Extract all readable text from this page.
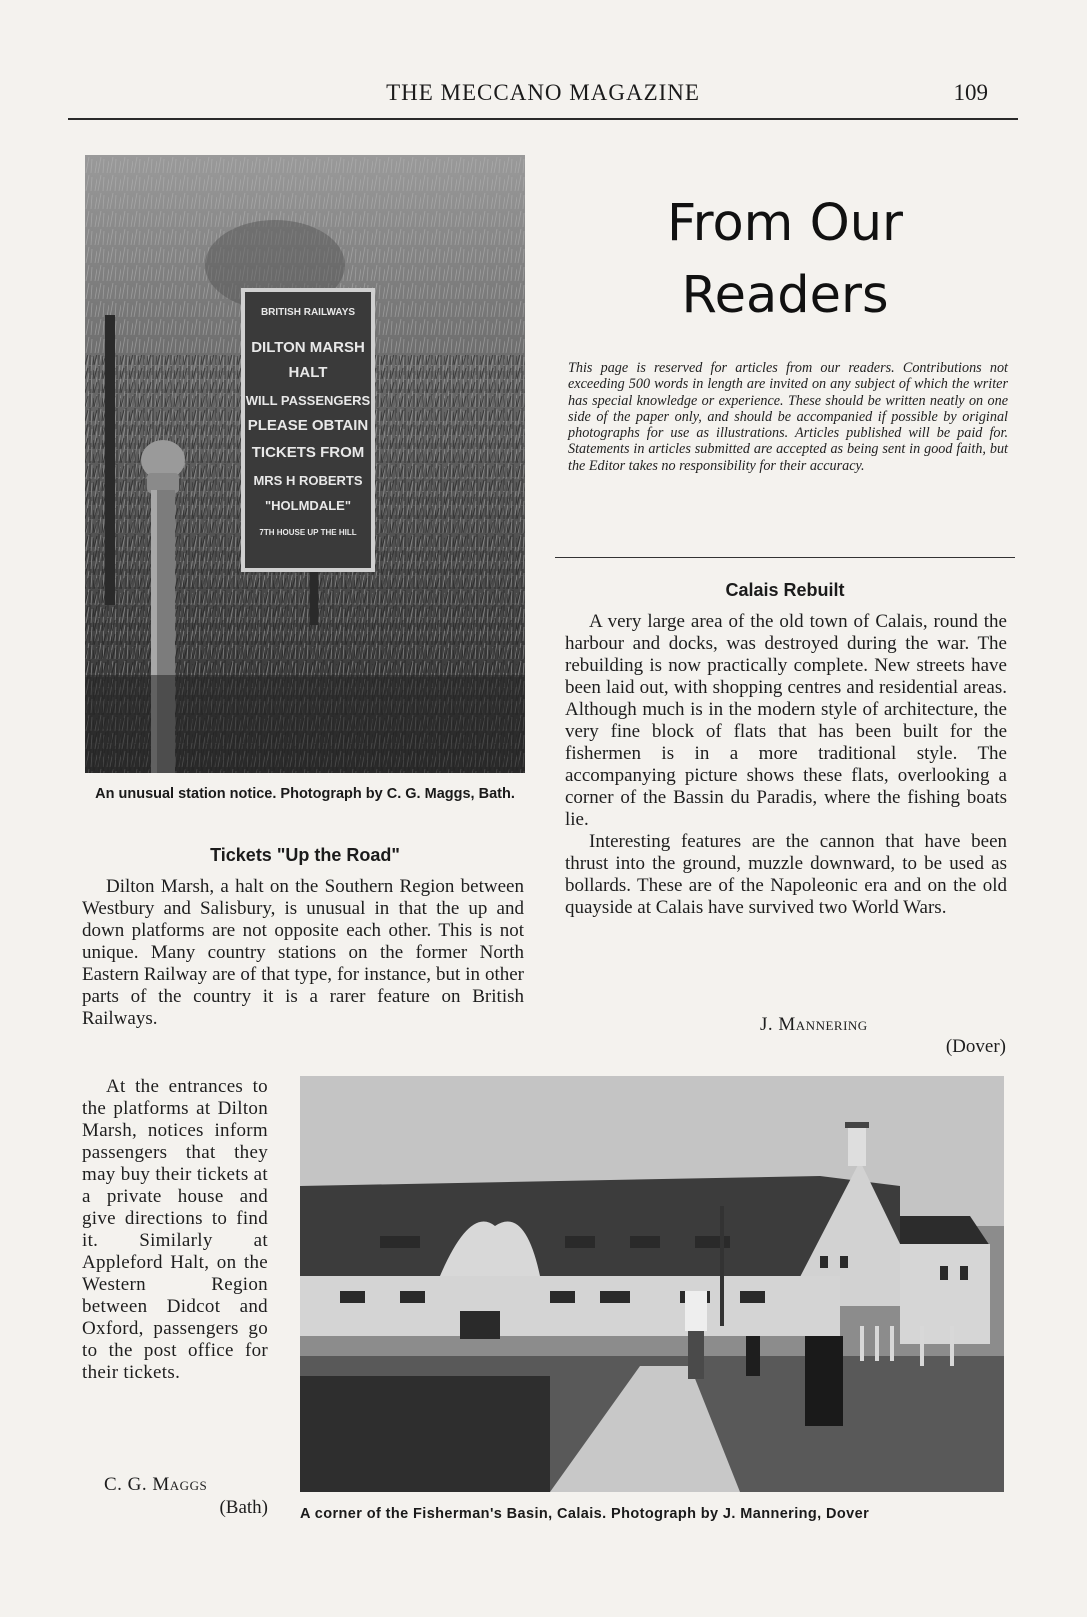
THE MECCANO MAGAZINE	109
BRITISH RAILWAYS
DILTON MARSH
HALT
WILL PASSENGERS
PLEASE OBTAIN
TICKETS FROM
MRS H ROBERTS
"HOLMDALE"
7TH HOUSE UP THE HILL
An unusual station notice. Photograph by C. G. Maggs, Bath.
From Our
Readers
This page is reserved for articles from our readers. Contributions not exceeding 500 words in length are invited on any subject of which the writer has special knowledge or experience. These should be written neatly on one side of the paper only, and should be accompanied if possible by original photographs for use as illustrations. Articles published will be paid for. Statements in articles submitted are accepted as being sent in good faith, but the Editor takes no responsibility for their accuracy.
Calais Rebuilt

A very large area of the old town of Calais, round the harbour and docks, was destroyed during the war. The rebuilding is now practically complete. New streets have been laid out, with shopping centres and residential areas. Although much is in the modern style of architecture, the very fine block of flats that has been built for the fishermen is in a more traditional style. The accompanying picture shows these flats, overlooking a corner of the Bassin du Paradis, where the fishing boats lie.

Interesting features are the cannon that have been thrust into the ground, muzzle downward, to be used as bollards. These are of the Napoleonic era and on the old quayside at Calais have survived two World Wars.

J. Mannering
(Dover)
Tickets "Up the Road"

Dilton Marsh, a halt on the Southern Region between Westbury and Salisbury, is unusual in that the up and down platforms are not opposite each other. This is not unique. Many country stations on the former North Eastern Railway are of that type, for instance, but in other parts of the country it is a rarer feature on British Railways.

At the entrances to the platforms at Dilton Marsh, notices inform passengers that they may buy their tickets at a private house and give directions to find it. Similarly at Appleford Halt, on the Western Region between Didcot and Oxford, passengers go to the post office for their tickets.

C. G. Maggs
(Bath) A corner of the Fisherman's Basin, Calais. Photograph by J. Mannering, Dover
